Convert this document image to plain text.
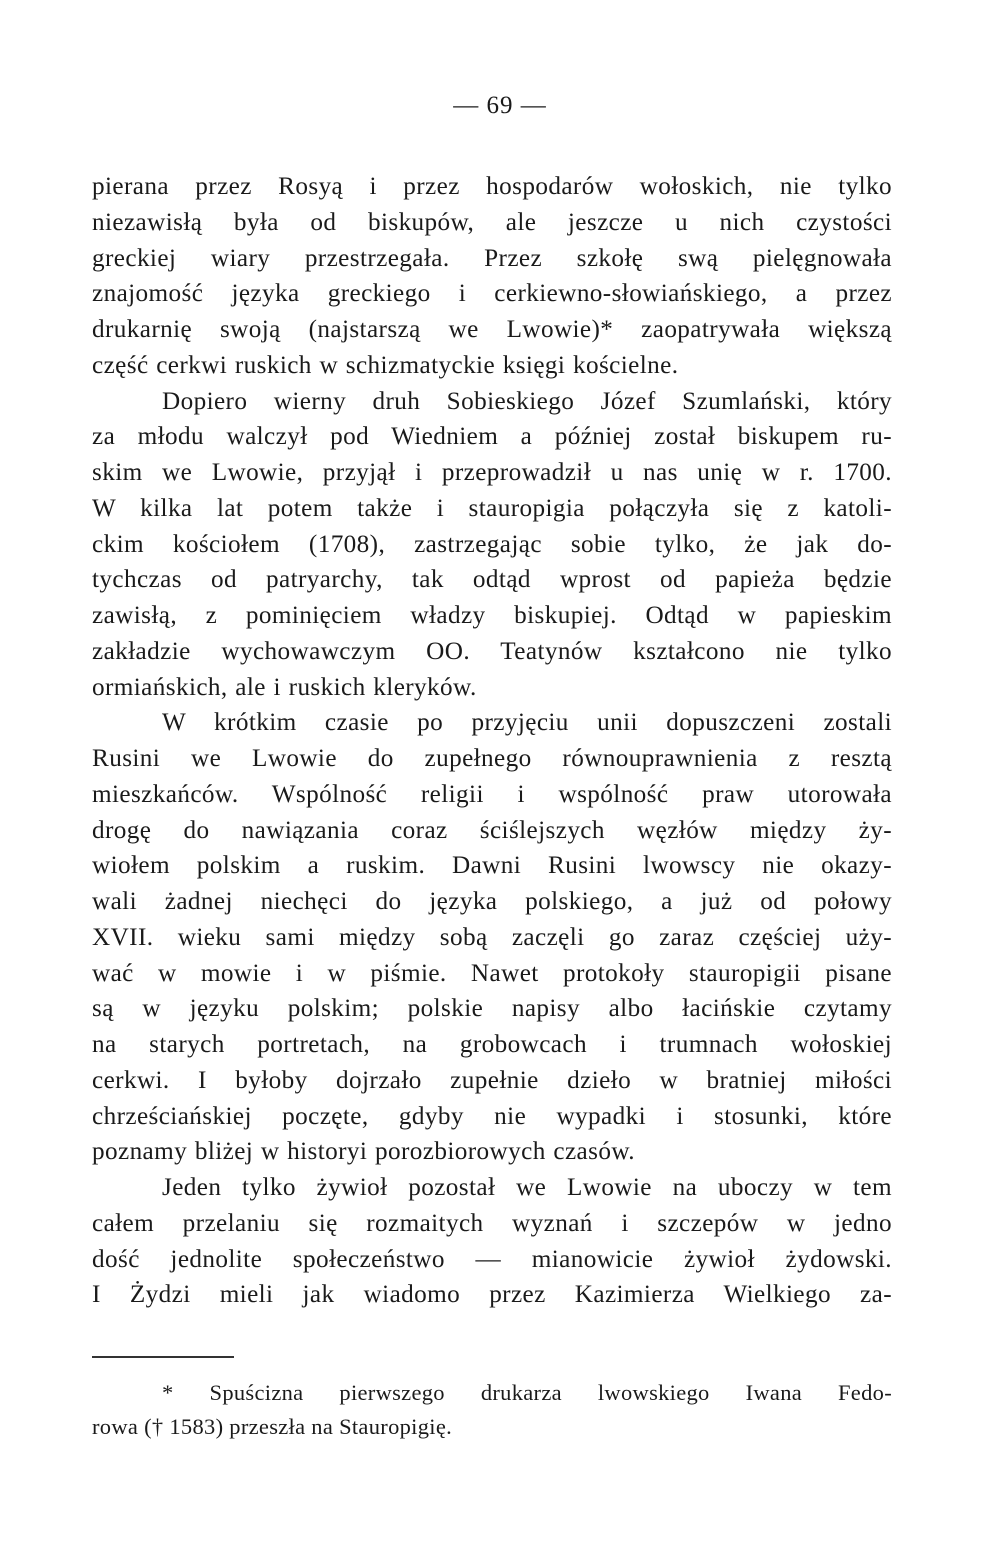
— 69 —
pierana przez Rosyą i przez hospodarów wołoskich, nie tylko
niezawisłą była od biskupów, ale jeszcze u nich czystości
greckiej wiary przestrzegała. Przez szkołę swą pielęgnowała
znajomość języka greckiego i cerkiewno-słowiańskiego, a przez
drukarnię swoją (najstarszą we Lwowie)* zaopatrywała większą
część cerkwi ruskich w schizmatyckie księgi kościelne.
Dopiero wierny druh Sobieskiego Józef Szumlański, który
za młodu walczył pod Wiedniem a później został biskupem ru-
skim we Lwowie, przyjął i przeprowadził u nas unię w r. 1700.
W kilka lat potem także i stauropigia połączyła się z katoli-
ckim kościołem (1708), zastrzegając sobie tylko, że jak do-
tychczas od patryarchy, tak odtąd wprost od papieża będzie
zawisłą, z pominięciem władzy biskupiej. Odtąd w papieskim
zakładzie wychowawczym OO. Teatynów kształcono nie tylko
ormiańskich, ale i ruskich kleryków.
W krótkim czasie po przyjęciu unii dopuszczeni zostali
Rusini we Lwowie do zupełnego równouprawnienia z resztą
mieszkańców. Wspólność religii i wspólność praw utorowała
drogę do nawiązania coraz ściślejszych węzłów między ży-
wiołem polskim a ruskim. Dawni Rusini lwowscy nie okazy-
wali żadnej niechęci do języka polskiego, a już od połowy
XVII. wieku sami między sobą zaczęli go zaraz częściej uży-
wać w mowie i w piśmie. Nawet protokoły stauropigii pisane
są w języku polskim; polskie napisy albo łacińskie czytamy
na starych portretach, na grobowcach i trumnach wołoskiej
cerkwi. I byłoby dojrzało zupełnie dzieło w bratniej miłości
chrześciańskiej poczęte, gdyby nie wypadki i stosunki, które
poznamy bliżej w historyi porozbiorowych czasów.
Jeden tylko żywioł pozostał we Lwowie na uboczy w tem
całem przelaniu się rozmaitych wyznań i szczepów w jedno
dość jednolite społeczeństwo — mianowicie żywioł żydowski.
I Żydzi mieli jak wiadomo przez Kazimierza Wielkiego za-
* Spuścizna pierwszego drukarza lwowskiego Iwana Fedo-
rowa († 1583) przeszła na Stauropigię.
